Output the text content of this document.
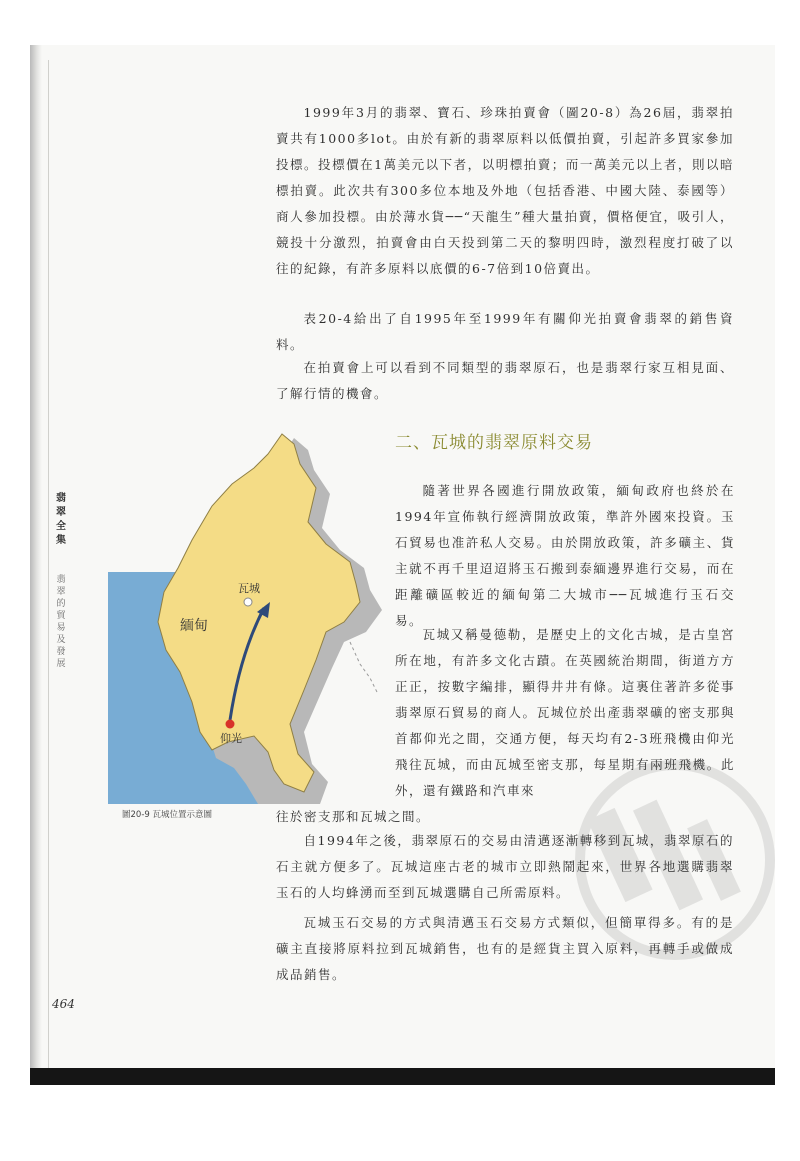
翡翠全集
翡翠的貿易及發展

1999年3月的翡翠、寶石、珍珠拍賣會（圖20-8）為26屆，翡翠拍賣共有1000多lot。由於有新的翡翠原料以低價拍賣，引起許多買家參加投標。投標價在1萬美元以下者，以明標拍賣；而一萬美元以上者，則以暗標拍賣。此次共有300多位本地及外地（包括香港、中國大陸、泰國等）商人參加投標。由於薄水貨──“天龍生”種大量拍賣，價格便宜，吸引人，競投十分激烈，拍賣會由白天投到第二天的黎明四時，激烈程度打破了以往的紀錄，有許多原料以底價的6-7倍到10倍賣出。

表20-4給出了自1995年至1999年有關仰光拍賣會翡翠的銷售資料。

在拍賣會上可以看到不同類型的翡翠原石，也是翡翠行家互相見面、了解行情的機會。

二、瓦城的翡翠原料交易
緬甸
瓦城
仰光
圖20-9 瓦城位置示意圖

隨著世界各國進行開放政策，緬甸政府也終於在1994年宣佈執行經濟開放政策，準許外國來投資。玉石貿易也准許私人交易。由於開放政策，許多礦主、貨主就不再千里迢迢將玉石搬到泰緬邊界進行交易，而在距離礦區較近的緬甸第二大城市──瓦城進行玉石交易。

瓦城又稱曼德勒，是歷史上的文化古城，是古皇宮所在地，有許多文化古蹟。在英國統治期間，街道方方正正，按數字編排，顯得井井有條。這裏住著許多從事翡翠原石貿易的商人。瓦城位於出產翡翠礦的密支那與首都仰光之間，交通方便，每天均有2-3班飛機由仰光飛往瓦城，而由瓦城至密支那，每星期有兩班飛機。此外，還有鐵路和汽車來

往於密支那和瓦城之間。

自1994年之後，翡翠原石的交易由清邁逐漸轉移到瓦城，翡翠原石的石主就方便多了。瓦城這座古老的城市立即熱鬧起來，世界各地選購翡翠玉石的人均蜂湧而至到瓦城選購自己所需原料。

瓦城玉石交易的方式與清邁玉石交易方式類似，但簡單得多。有的是礦主直接將原料拉到瓦城銷售，也有的是經貨主買入原料，再轉手或做成成品銷售。

464
